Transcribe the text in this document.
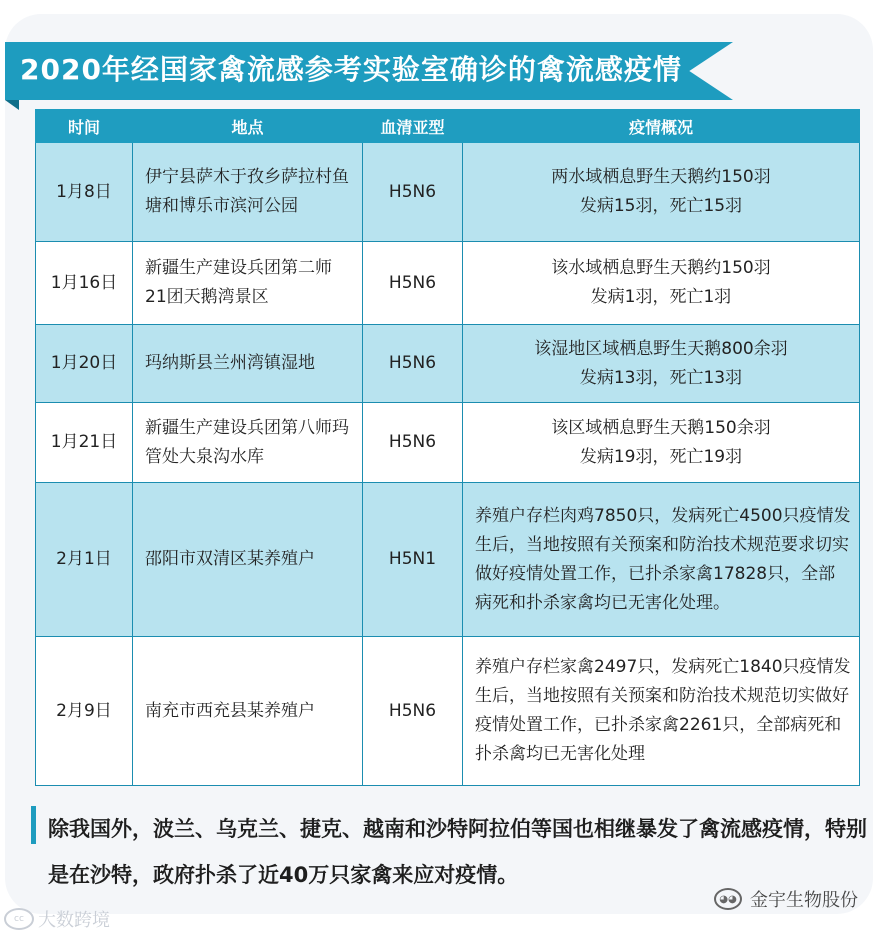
2020年经国家禽流感参考实验室确诊的禽流感疫情
时间	地点	血清亚型	疫情概况
1月8日	伊宁县萨木于孜乡萨拉村鱼塘和博乐市滨河公园	H5N6	两水域栖息野生天鹅约150羽
发病15羽，死亡15羽

1月16日	新疆生产建设兵团第二师21团天鹅湾景区	H5N6	该水域栖息野生天鹅约150羽
发病1羽，死亡1羽

1月20日	玛纳斯县兰州湾镇湿地	H5N6	该湿地区域栖息野生天鹅800余羽
发病13羽，死亡13羽

1月21日	新疆生产建设兵团第八师玛管处大泉沟水库	H5N6	该区域栖息野生天鹅150余羽
发病19羽，死亡19羽

2月1日	邵阳市双清区某养殖户	H5N1	养殖户存栏肉鸡7850只，发病死亡4500只疫情发生后，当地按照有关预案和防治技术规范要求切实做好疫情处置工作，已扑杀家禽17828只，全部病死和扑杀家禽均已无害化处理。
2月9日	南充市西充县某养殖户	H5N6	养殖户存栏家禽2497只，发病死亡1840只疫情发生后，当地按照有关预案和防治技术规范切实做好疫情处置工作，已扑杀家禽2261只，全部病死和扑杀禽均已无害化处理
除我国外，波兰、乌克兰、捷克、越南和沙特阿拉伯等国也相继暴发了禽流感疫情，特别是在沙特，政府扑杀了近40万只家禽来应对疫情。
◕◕ 金宇生物股份
cc 大数跨境
